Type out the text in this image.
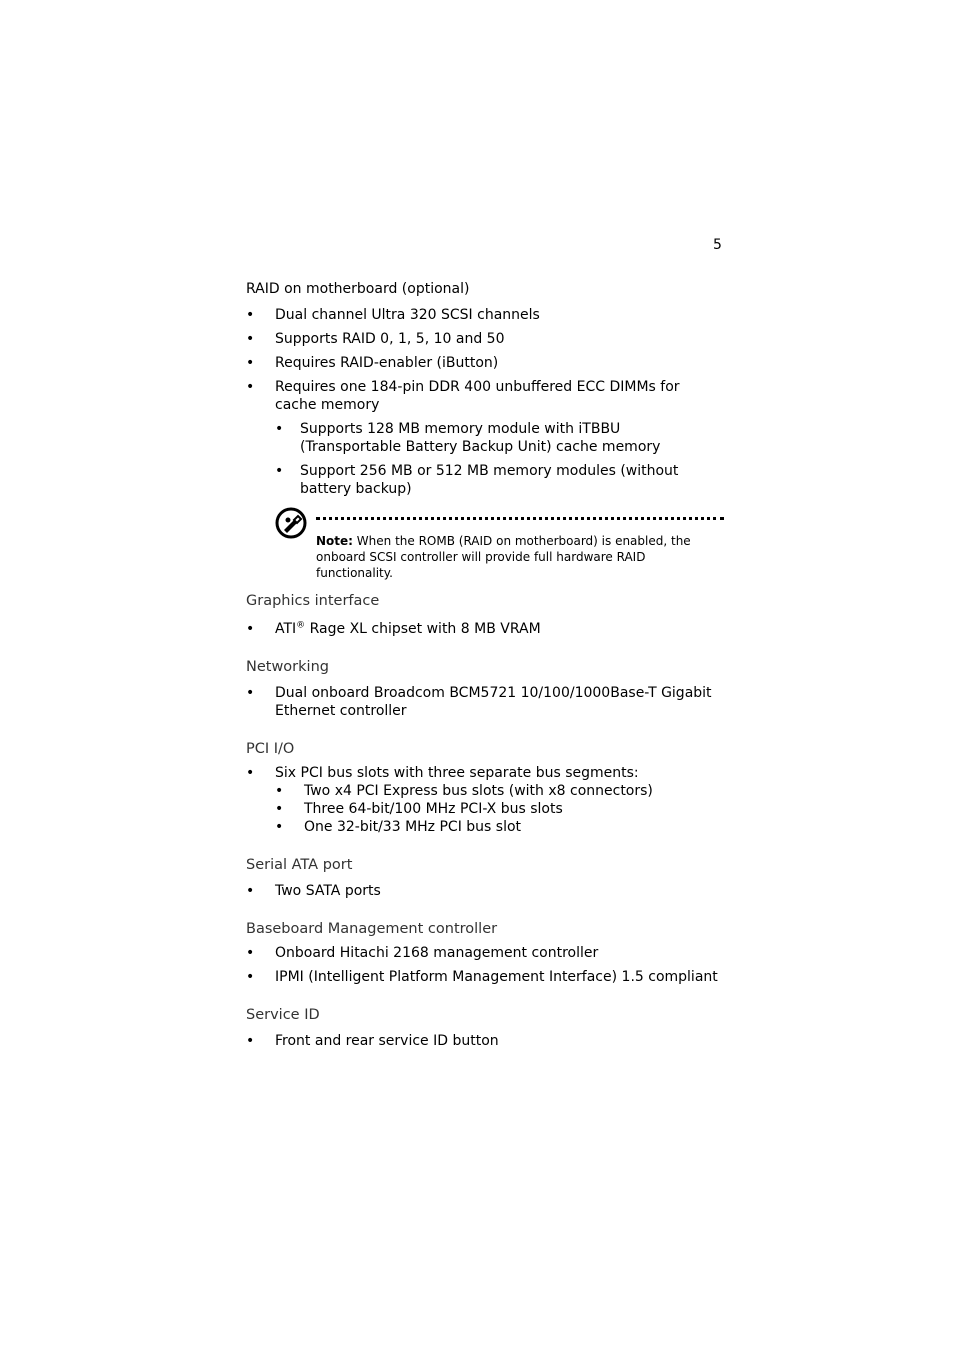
5
RAID on motherboard (optional)
• Dual channel Ultra 320 SCSI channels
• Supports RAID 0, 1, 5, 10 and 50
• Requires RAID-enabler (iButton)
• Requires one 184-pin DDR 400 unbuffered ECC DIMMs for cache memory
• Supports 128 MB memory module with iTBBU (Transportable Battery Backup Unit) cache memory
• Support 256 MB or 512 MB memory modules (without battery backup)
Note: When the ROMB (RAID on motherboard) is enabled, the onboard SCSI controller will provide full hardware RAID functionality.
Graphics interface
• ATI® Rage XL chipset with 8 MB VRAM
Networking
• Dual onboard Broadcom BCM5721 10/100/1000Base-T Gigabit Ethernet controller
PCI I/O
• Six PCI bus slots with three separate bus segments:
• Two x4 PCI Express bus slots (with x8 connectors)
• Three 64-bit/100 MHz PCI-X bus slots
• One 32-bit/33 MHz PCI bus slot
Serial ATA port
• Two SATA ports
Baseboard Management controller
• Onboard Hitachi 2168 management controller
• IPMI (Intelligent Platform Management Interface) 1.5 compliant
Service ID
• Front and rear service ID button
